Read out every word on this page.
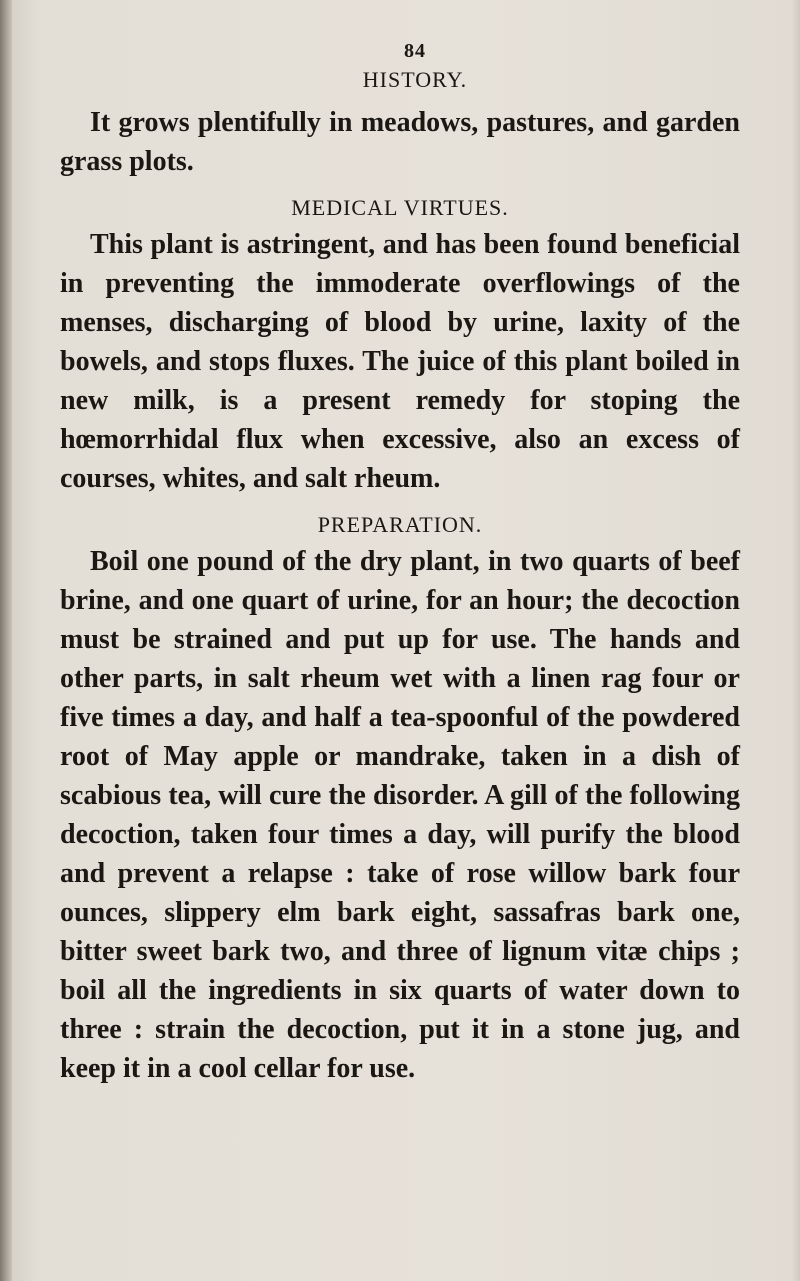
84
HISTORY.

It grows plentifully in meadows, pastures, and garden grass plots.

MEDICAL VIRTUES.

This plant is astringent, and has been found beneficial in preventing the immoderate overflowings of the menses, discharging of blood by urine, laxity of the bowels, and stops fluxes. The juice of this plant boiled in new milk, is a present remedy for stoping the hœmorrhidal flux when excessive, also an excess of courses, whites, and salt rheum.

PREPARATION.

Boil one pound of the dry plant, in two quarts of beef brine, and one quart of urine, for an hour; the decoction must be strained and put up for use. The hands and other parts, in salt rheum wet with a linen rag four or five times a day, and half a tea-spoonful of the powdered root of May apple or mandrake, taken in a dish of scabious tea, will cure the disorder. A gill of the following decoction, taken four times a day, will purify the blood and prevent a relapse : take of rose willow bark four ounces, slippery elm bark eight, sassafras bark one, bitter sweet bark two, and three of lignum vitæ chips ; boil all the ingredients in six quarts of water down to three : strain the decoction, put it in a stone jug, and keep it in a cool cellar for use.
